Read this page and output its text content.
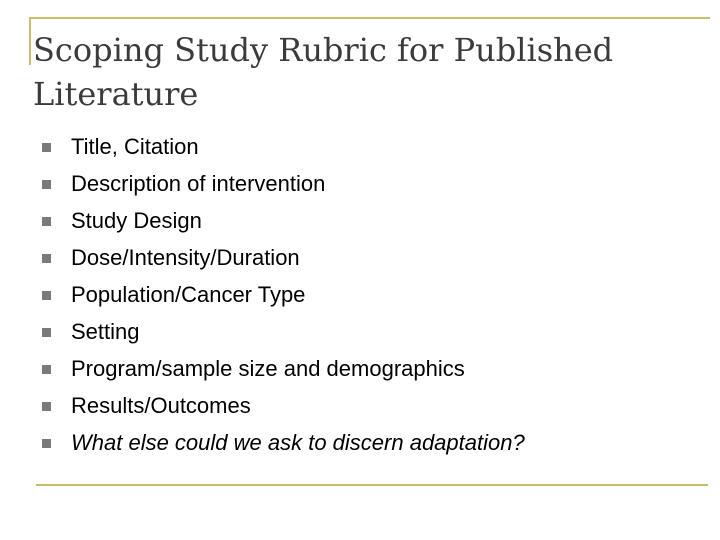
Scoping Study Rubric for Published Literature
Title, Citation
Description of intervention
Study Design
Dose/Intensity/Duration
Population/Cancer Type
Setting
Program/sample size and demographics
Results/Outcomes
What else could we ask to discern adaptation?
